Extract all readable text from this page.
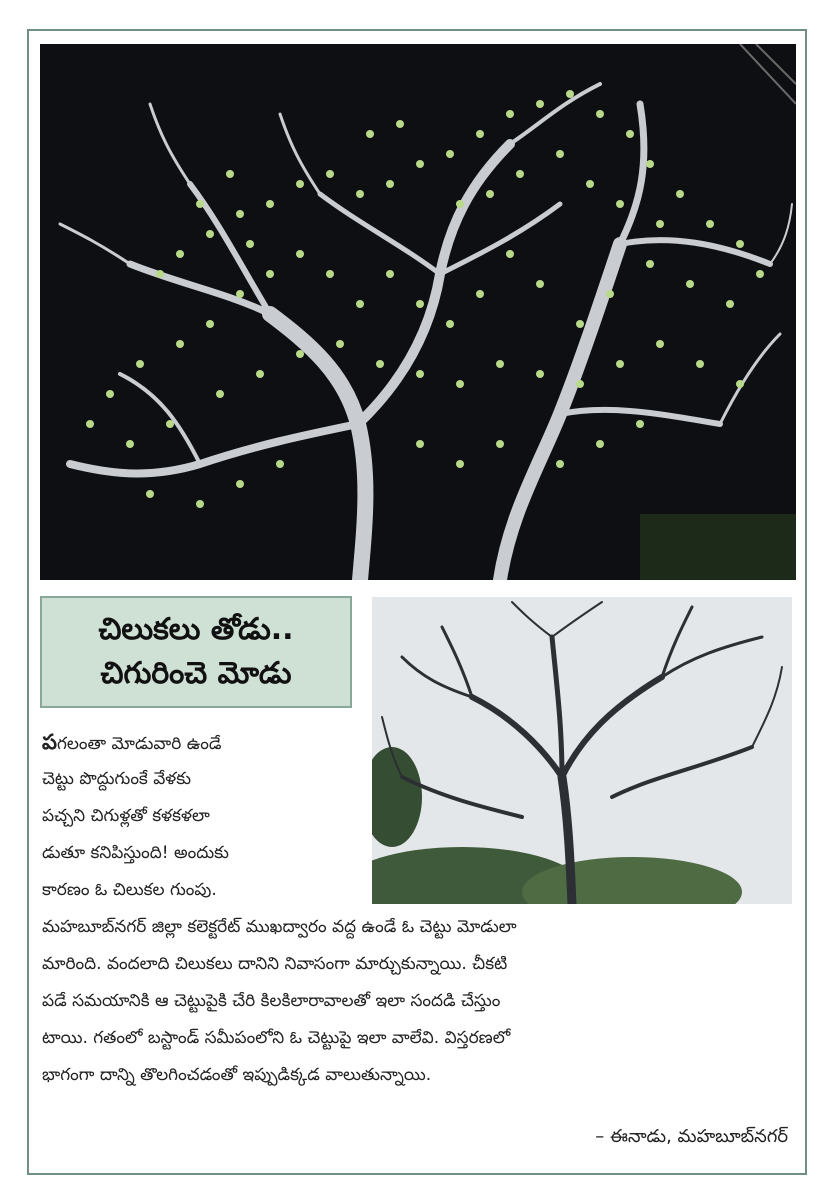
చిలుకలు తోడు..
చిగురించె మోడు
పగలంతా మోడువారి ఉండే
చెట్టు పొద్దుగుంకే వేళకు
పచ్చని చిగుళ్లతో కళకళలా
డుతూ కనిపిస్తుంది! అందుకు
కారణం ఓ చిలుకల గుంపు.
మహబూబ్‌నగర్ జిల్లా కలెక్టరేట్ ముఖద్వారం వద్ద ఉండే ఓ చెట్టు మోడులా
మారింది. వందలాది చిలుకలు దానిని నివాసంగా మార్చుకున్నాయి. చీకటి
పడే సమయానికి ఆ చెట్టుపైకి చేరి కిలకిలారావాలతో ఇలా సందడి చేస్తుం
టాయి. గతంలో బస్టాండ్ సమీపంలోని ఓ చెట్టుపై ఇలా వాలేవి. విస్తరణలో
భాగంగా దాన్ని తొలగించడంతో ఇప్పుడిక్కడ వాలుతున్నాయి.
– ఈనాడు, మహబూబ్‌నగర్
